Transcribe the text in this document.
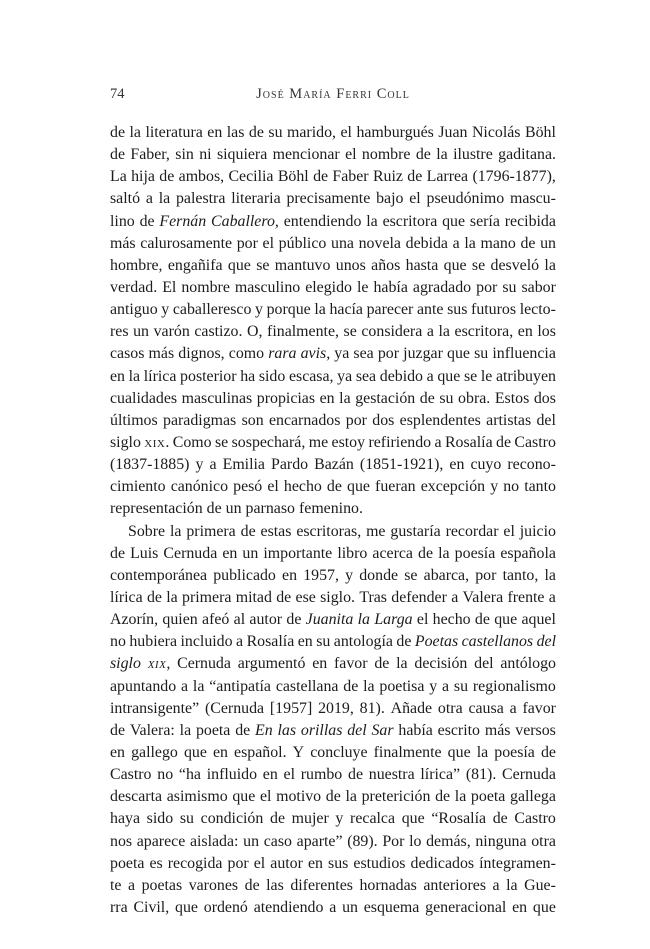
74	José María Ferri Coll
de la literatura en las de su marido, el hamburgués Juan Nicolás Böhl
de Faber, sin ni siquiera mencionar el nombre de la ilustre gaditana.
La hija de ambos, Cecilia Böhl de Faber Ruiz de Larrea (1796-1877),
saltó a la palestra literaria precisamente bajo el pseudónimo mascu-
lino de Fernán Caballero, entendiendo la escritora que sería recibida
más calurosamente por el público una novela debida a la mano de un
hombre, engañifa que se mantuvo unos años hasta que se desveló la
verdad. El nombre masculino elegido le había agradado por su sabor
antiguo y caballeresco y porque la hacía parecer ante sus futuros lecto-
res un varón castizo. O, finalmente, se considera a la escritora, en los
casos más dignos, como rara avis, ya sea por juzgar que su influencia
en la lírica posterior ha sido escasa, ya sea debido a que se le atribuyen
cualidades masculinas propicias en la gestación de su obra. Estos dos
últimos paradigmas son encarnados por dos esplendentes artistas del
siglo XIX. Como se sospechará, me estoy refiriendo a Rosalía de Castro
(1837-1885) y a Emilia Pardo Bazán (1851-1921), en cuyo recono-
cimiento canónico pesó el hecho de que fueran excepción y no tanto
representación de un parnaso femenino.
Sobre la primera de estas escritoras, me gustaría recordar el juicio
de Luis Cernuda en un importante libro acerca de la poesía española
contemporánea publicado en 1957, y donde se abarca, por tanto, la
lírica de la primera mitad de ese siglo. Tras defender a Valera frente a
Azorín, quien afeó al autor de Juanita la Larga el hecho de que aquel
no hubiera incluido a Rosalía en su antología de Poetas castellanos del
siglo XIX, Cernuda argumentó en favor de la decisión del antólogo
apuntando a la “antipatía castellana de la poetisa y a su regionalismo
intransigente” (Cernuda [1957] 2019, 81). Añade otra causa a favor
de Valera: la poeta de En las orillas del Sar había escrito más versos
en gallego que en español. Y concluye finalmente que la poesía de
Castro no “ha influido en el rumbo de nuestra lírica” (81). Cernuda
descarta asimismo que el motivo de la preterición de la poeta gallega
haya sido su condición de mujer y recalca que “Rosalía de Castro
nos aparece aislada: un caso aparte” (89). Por lo demás, ninguna otra
poeta es recogida por el autor en sus estudios dedicados íntegramen-
te a poetas varones de las diferentes hornadas anteriores a la Gue-
rra Civil, que ordenó atendiendo a un esquema generacional en que
